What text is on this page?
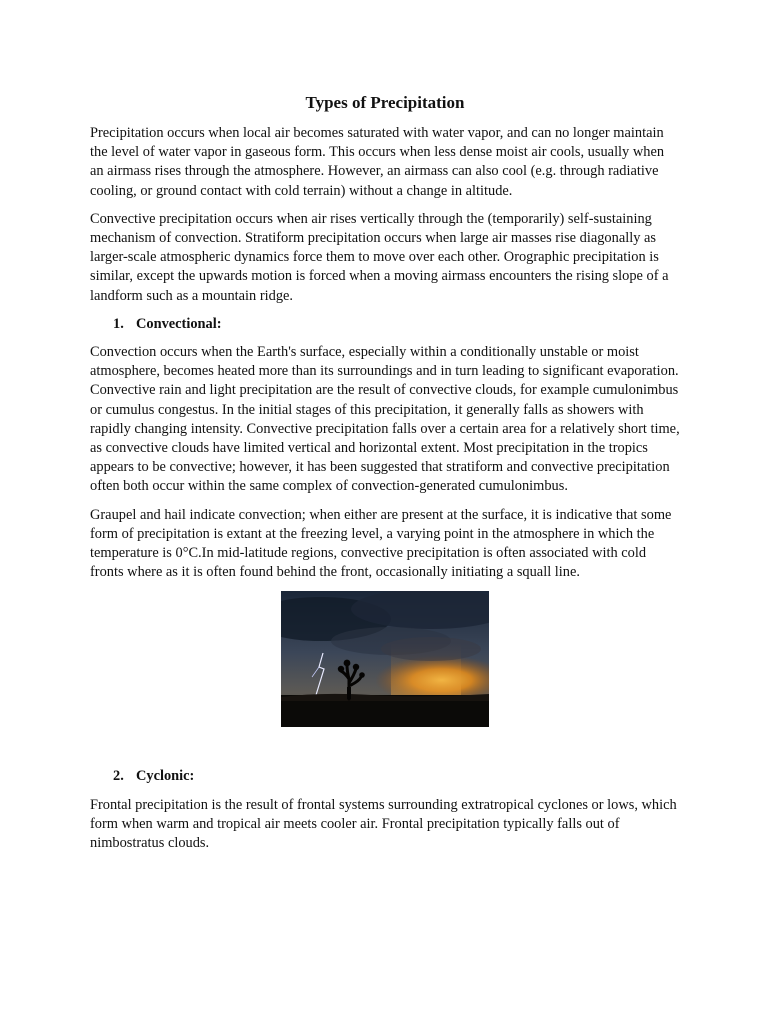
Types of Precipitation

Precipitation occurs when local air becomes saturated with water vapor, and can no longer maintain the level of water vapor in gaseous form. This occurs when less dense moist air cools, usually when an airmass rises through the atmosphere. However, an airmass can also cool (e.g. through radiative cooling, or ground contact with cold terrain) without a change in altitude.

Convective precipitation occurs when air rises vertically through the (temporarily) self-sustaining mechanism of convection. Stratiform precipitation occurs when large air masses rise diagonally as larger-scale atmospheric dynamics force them to move over each other. Orographic precipitation is similar, except the upwards motion is forced when a moving airmass encounters the rising slope of a landform such as a mountain ridge.

1. Convectional:

Convection occurs when the Earth's surface, especially within a conditionally unstable or moist atmosphere, becomes heated more than its surroundings and in turn leading to significant evaporation. Convective rain and light precipitation are the result of convective clouds, for example cumulonimbus or cumulus congestus. In the initial stages of this precipitation, it generally falls as showers with rapidly changing intensity. Convective precipitation falls over a certain area for a relatively short time, as convective clouds have limited vertical and horizontal extent. Most precipitation in the tropics appears to be convective; however, it has been suggested that stratiform and convective precipitation often both occur within the same complex of convection-generated cumulonimbus.

Graupel and hail indicate convection; when either are present at the surface, it is indicative that some form of precipitation is extant at the freezing level, a varying point in the atmosphere in which the temperature is 0°C.In mid-latitude regions, convective precipitation is often associated with cold fronts where as it is often found behind the front, occasionally initiating a squall line.

2. Cyclonic:

Frontal precipitation is the result of frontal systems surrounding extratropical cyclones or lows, which form when warm and tropical air meets cooler air. Frontal precipitation typically falls out of nimbostratus clouds.
